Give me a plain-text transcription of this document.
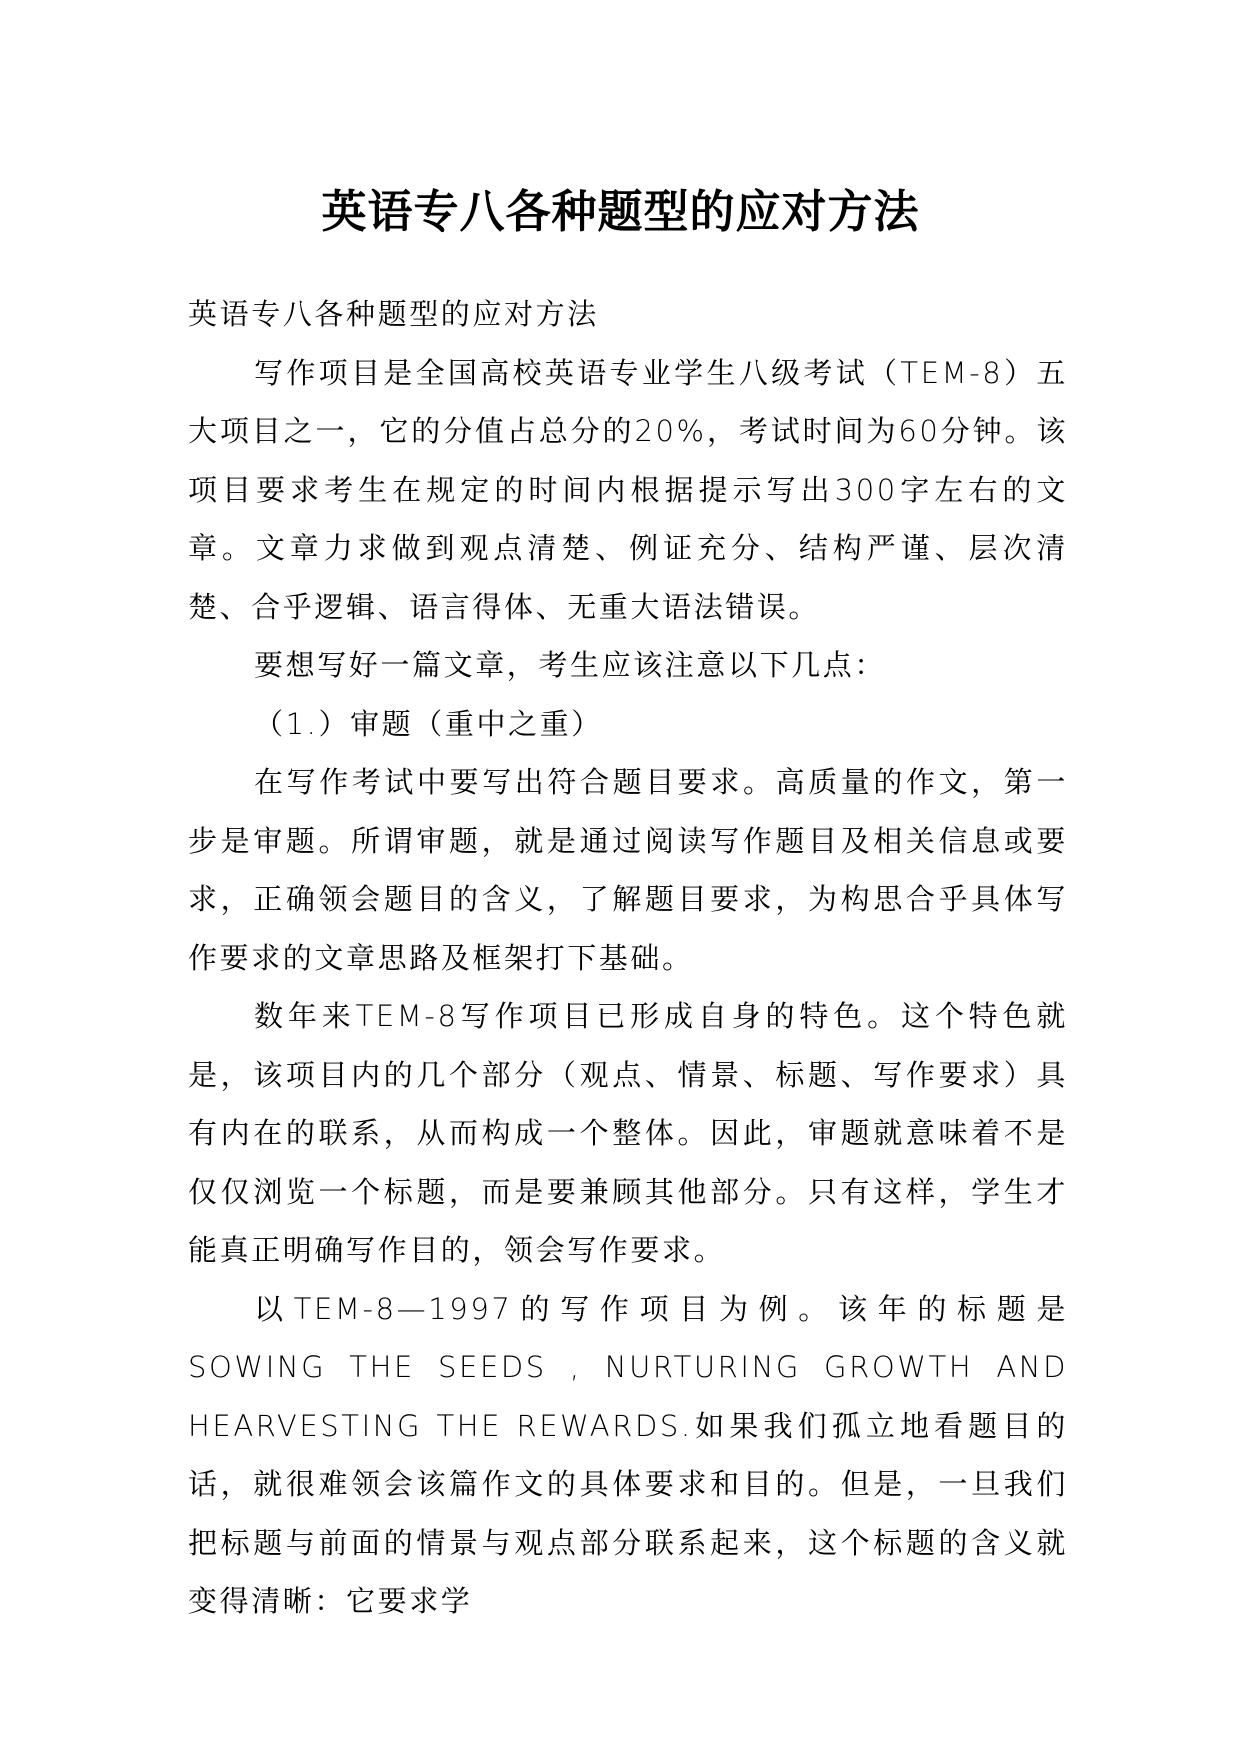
英语专八各种题型的应对方法

英语专八各种题型的应对方法

写作项目是全国高校英语专业学生八级考试（TEM-8）五大项目之一，它的分值占总分的20%，考试时间为60分钟。该项目要求考生在规定的时间内根据提示写出300字左右的文章。文章力求做到观点清楚、例证充分、结构严谨、层次清楚、合乎逻辑、语言得体、无重大语法错误。

要想写好一篇文章，考生应该注意以下几点：

（1.）审题（重中之重）

在写作考试中要写出符合题目要求。高质量的作文，第一步是审题。所谓审题，就是通过阅读写作题目及相关信息或要求，正确领会题目的含义，了解题目要求，为构思合乎具体写作要求的文章思路及框架打下基础。

数年来TEM-8写作项目已形成自身的特色。这个特色就是，该项目内的几个部分（观点、情景、标题、写作要求）具有内在的联系，从而构成一个整体。因此，审题就意味着不是仅仅浏览一个标题，而是要兼顾其他部分。只有这样，学生才能真正明确写作目的，领会写作要求。

以TEM-8—1997的写作项目为例。该年的标题是 SOWING THE SEEDS , NURTURING GROWTH AND HEARVESTING THE REWARDS.如果我们孤立地看题目的话，就很难领会该篇作文的具体要求和目的。但是，一旦我们把标题与前面的情景与观点部分联系起来，这个标题的含义就变得清晰：它要求学
